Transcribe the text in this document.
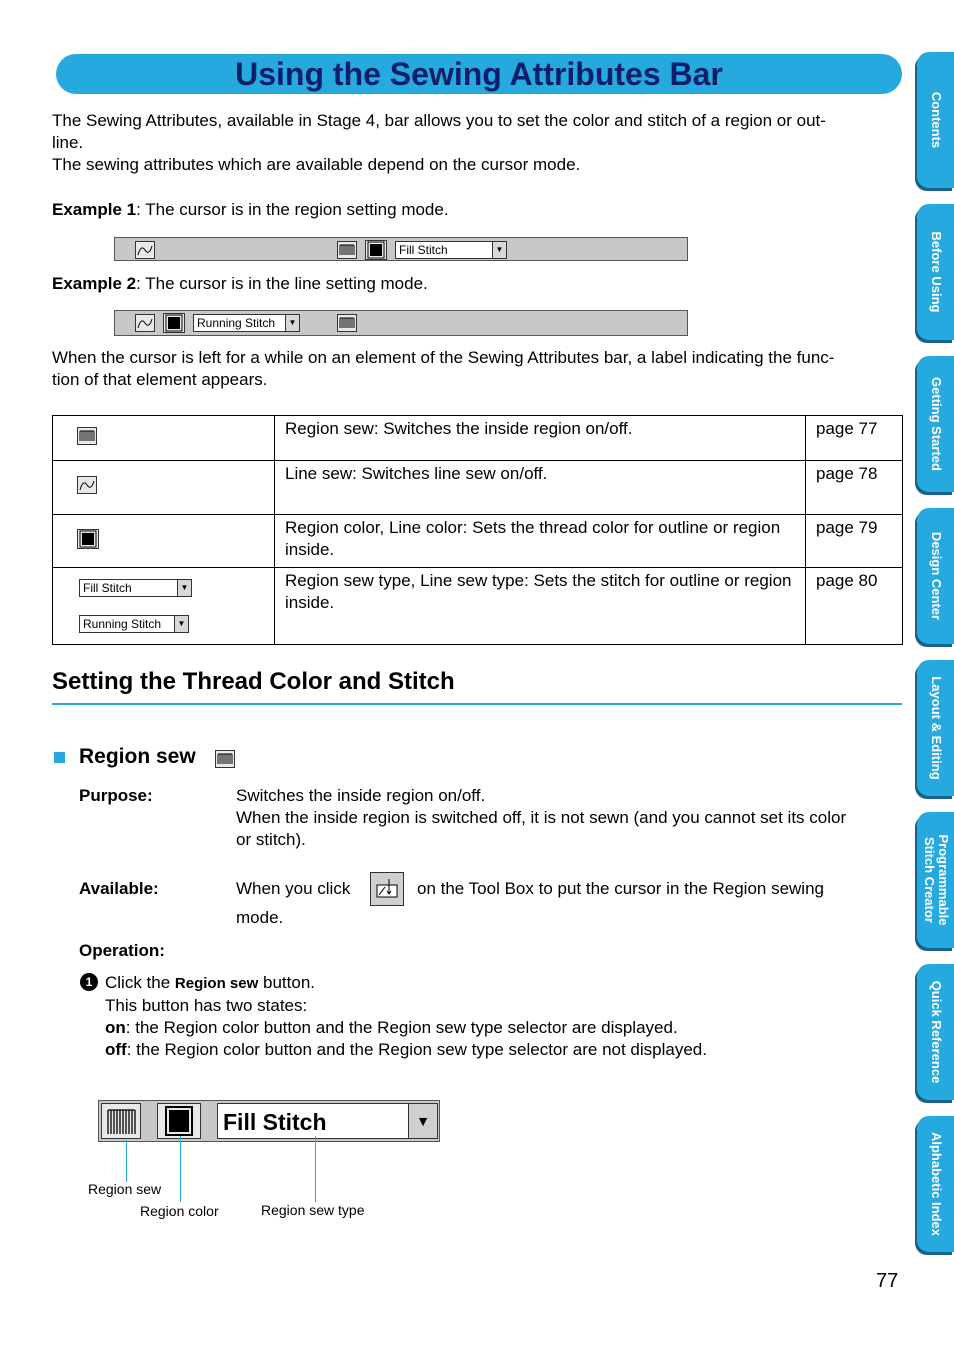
Using the Sewing Attributes Bar

The Sewing Attributes, available in Stage 4, bar allows you to set the color and stitch of a region or out-

line.

The sewing attributes which are available depend on the cursor mode.

Example 1: The cursor is in the region setting mode.

Fill Stitch	▼

Example 2: The cursor is in the line setting mode.

Running Stitch	▼

When the cursor is left for a while on an element of the Sewing Attributes bar, a label indicating the func-

tion of that element appears.

	Region sew: Switches the inside region on/off.	page 77
	Line sew: Switches line sew on/off.	page 78
	Region color, Line color: Sets the thread color for outline or region inside.	page 79

Fill Stitch ▼
Running Stitch ▼	Region sew type, Line sew type: Sets the stitch for outline or region inside.	page 80
Setting the Thread Color and Stitch
Region sew
Purpose:	Switches the inside region on/off.

When the inside region is switched off, it is not sewn (and you cannot set its color

or stitch).

Available:	When you click	on the Tool Box to put the cursor in the Region sewing
mode.
Operation:
1 Click the Region sew button.

This button has two states:

on: the Region color button and the Region sew type selector are displayed.

off: the Region color button and the Region sew type selector are not displayed.

Fill Stitch	▼
Region sew
Region color	Region sew type
Contents
Before Using
Getting Started
Design Center
Layout & Editing
Programmable Stitch Creator
Quick Reference
Alphabetic Index
77
